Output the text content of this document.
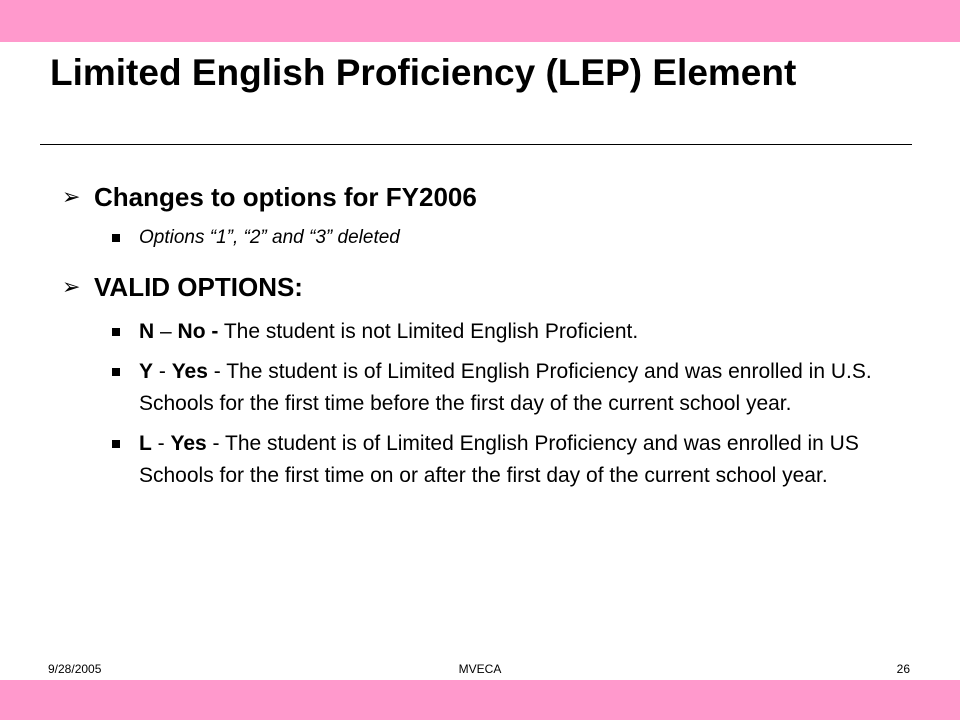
Limited English Proficiency (LEP) Element
➢ Changes to options for FY2006
Options “1”, “2” and “3” deleted
➢ VALID OPTIONS:
N – No - The student is not Limited English Proficient.
Y - Yes - The student is of Limited English Proficiency and was enrolled in U.S. Schools for the first time before the first day of the current school year.
L - Yes - The student is of Limited English Proficiency and was enrolled in US Schools for the first time on or after the first day of the current school year.
9/28/2005	MVECA	26
